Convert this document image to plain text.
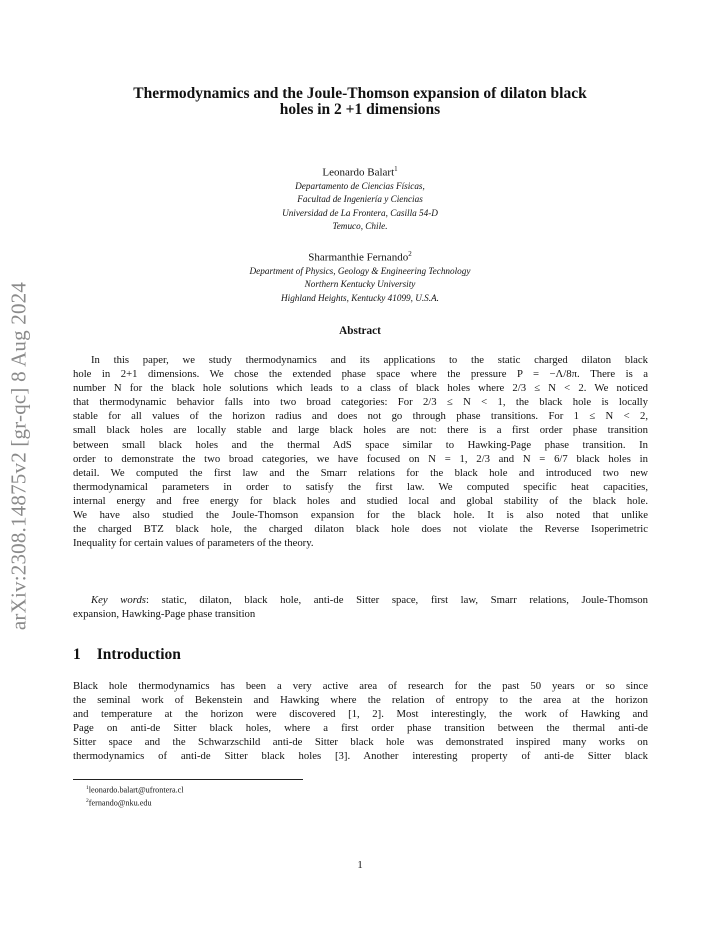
arXiv:2308.14875v2 [gr-qc] 8 Aug 2024
Thermodynamics and the Joule-Thomson expansion of dilaton black
holes in 2 +1 dimensions
Leonardo Balart$^1$
Departamento de Ciencias Físicas,
Facultad de Ingeniería y Ciencias
Universidad de La Frontera, Casilla 54-D
Temuco, Chile.
Sharmanthie Fernando$^2$
Department of Physics, Geology & Engineering Technology
Northern Kentucky University
Highland Heights, Kentucky 41099, U.S.A.
Abstract
In this paper, we study thermodynamics and its applications to the static charged dilaton black
hole in 2+1 dimensions. We chose the extended phase space where the pressure P = −Λ/8π. There is a
number N for the black hole solutions which leads to a class of black holes where 2/3 ≤ N < 2. We noticed
that thermodynamic behavior falls into two broad categories: For 2/3 ≤ N < 1, the black hole is locally
stable for all values of the horizon radius and does not go through phase transitions. For 1 ≤ N < 2,
small black holes are locally stable and large black holes are not: there is a first order phase transition
between small black holes and the thermal AdS space similar to Hawking-Page phase transition. In
order to demonstrate the two broad categories, we have focused on N = 1, 2/3 and N = 6/7 black holes in
detail. We computed the first law and the Smarr relations for the black hole and introduced two new
thermodynamical parameters in order to satisfy the first law. We computed specific heat capacities,
internal energy and free energy for black holes and studied local and global stability of the black hole.
We have also studied the Joule-Thomson expansion for the black hole. It is also noted that unlike
the charged BTZ black hole, the charged dilaton black hole does not violate the Reverse Isoperimetric
Inequality for certain values of parameters of the theory.
Key words: static, dilaton, black hole, anti-de Sitter space, first law, Smarr relations, Joule-Thomson
expansion, Hawking-Page phase transition
1 Introduction
Black hole thermodynamics has been a very active area of research for the past 50 years or so since
the seminal work of Bekenstein and Hawking where the relation of entropy to the area at the horizon
and temperature at the horizon were discovered [1, 2]. Most interestingly, the work of Hawking and
Page on anti-de Sitter black holes, where a first order phase transition between the thermal anti-de
Sitter space and the Schwarzschild anti-de Sitter black hole was demonstrated inspired many works on
thermodynamics of anti-de Sitter black holes [3]. Another interesting property of anti-de Sitter black
$^1$leonardo.balart@ufrontera.cl
$^2$fernando@nku.edu
1
